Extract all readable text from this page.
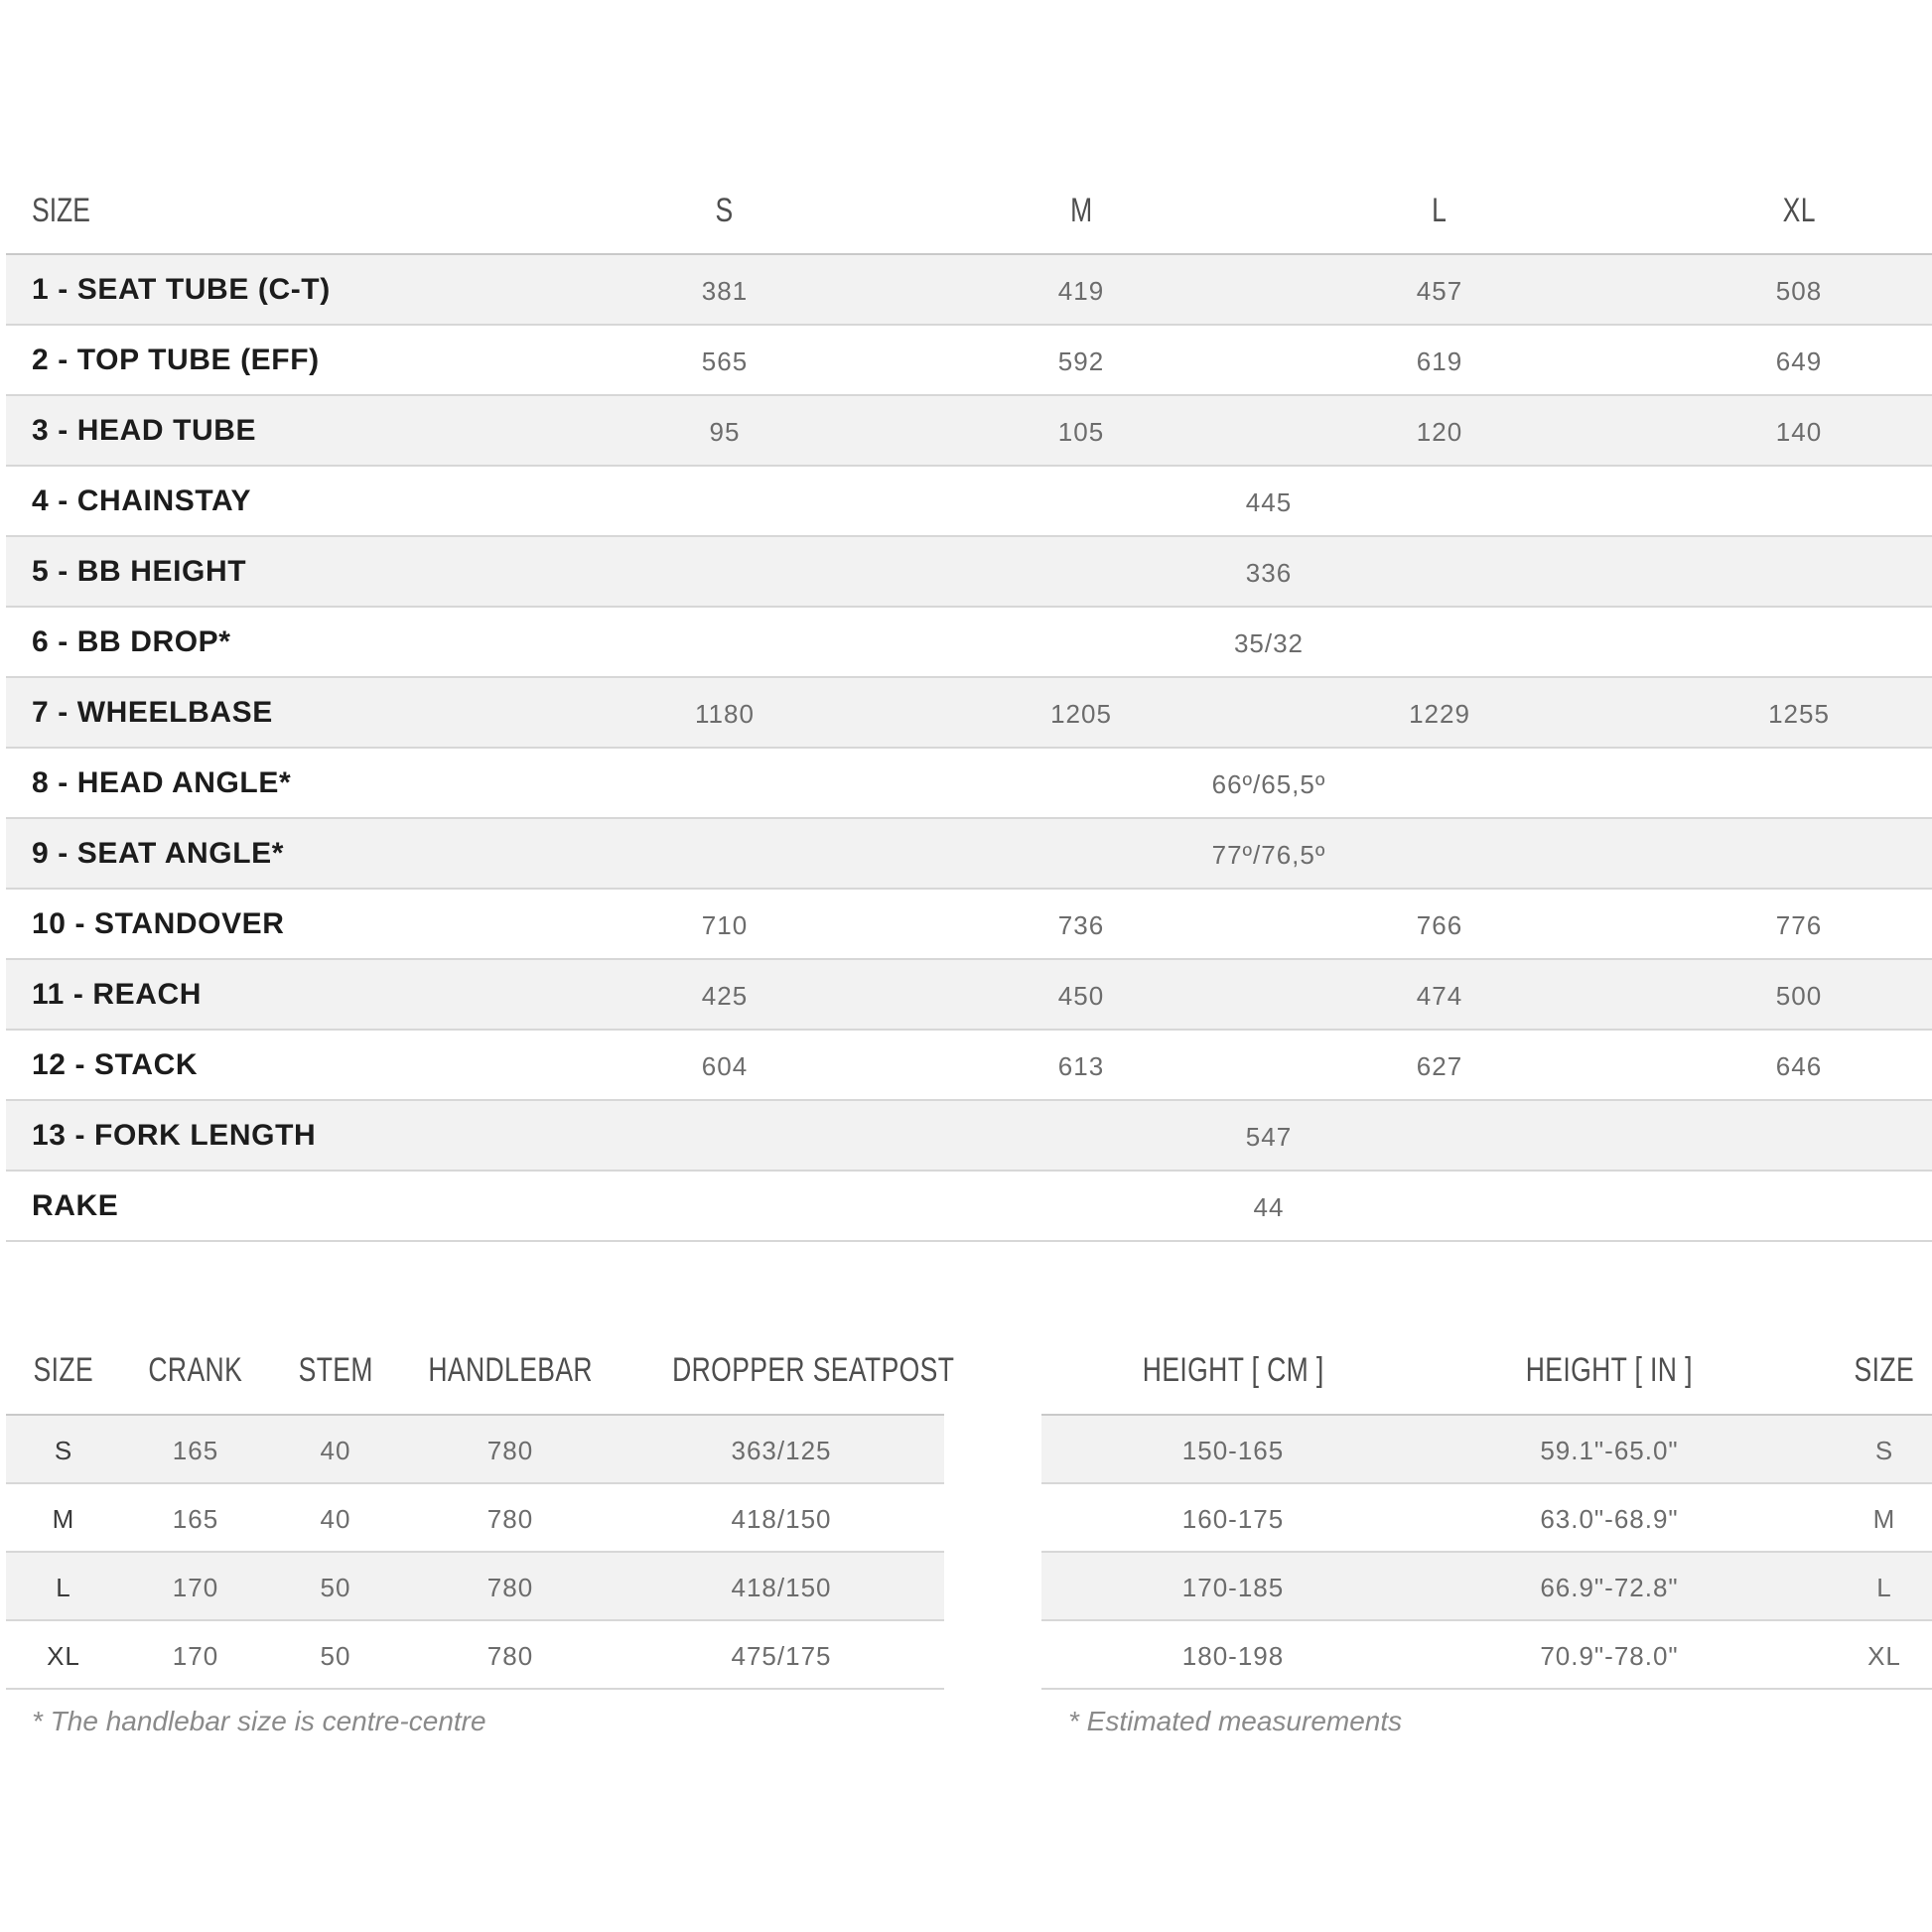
SIZE	S	M	L	XL
1 - SEAT TUBE (C-T)	381	419	457	508
2 - TOP TUBE (EFF)	565	592	619	649
3 - HEAD TUBE	95	105	120	140
4 - CHAINSTAY	445
5 - BB HEIGHT	336
6 - BB DROP*	35/32
7 - WHEELBASE	1180	1205	1229	1255
8 - HEAD ANGLE*	66º/65,5º
9 - SEAT ANGLE*	77º/76,5º
10 - STANDOVER	710	736	766	776
11 - REACH	425	450	474	500
12 - STACK	604	613	627	646
13 - FORK LENGTH	547
RAKE	44
SIZE	CRANK	STEM	HANDLEBAR	DROPPER SEATPOST
S	165	40	780	363/125
M	165	40	780	418/150
L	170	50	780	418/150
XL	170	50	780	475/175
HEIGHT [ CM ]	HEIGHT [ IN ]	SIZE
150-165	59.1"-65.0"	S
160-175	63.0"-68.9"	M
170-185	66.9"-72.8"	L
180-198	70.9"-78.0"	XL
* The handlebar size is centre-centre	* Estimated measurements
